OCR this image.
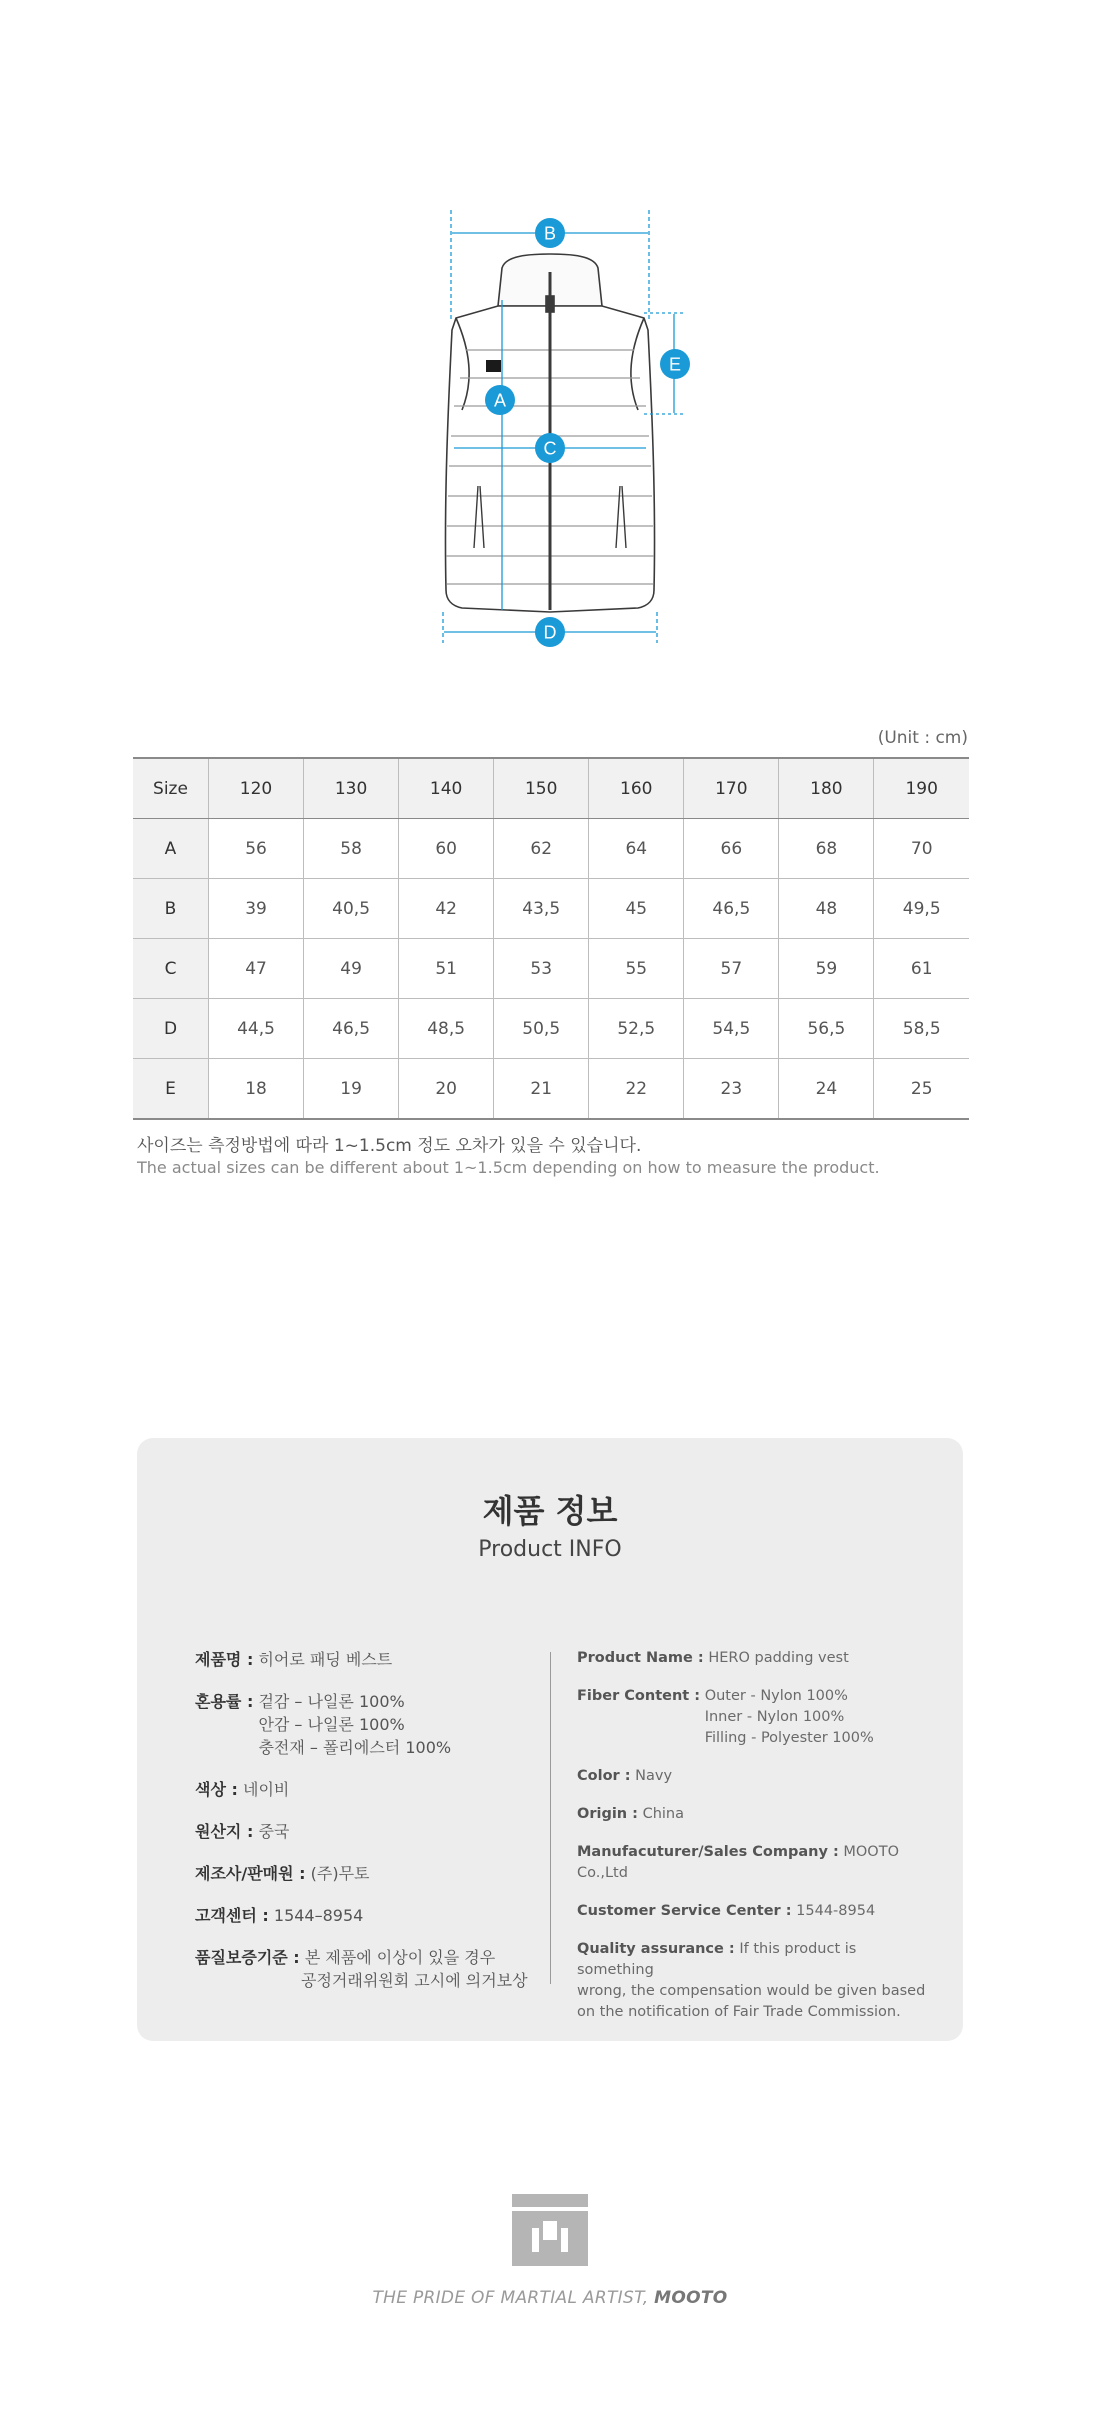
B
A
C
E
D
(Unit : cm)
Size	120	130	140	150	160	170	180	190
A	56	58	60	62	64	66	68	70
B	39	40,5	42	43,5	45	46,5	48	49,5
C	47	49	51	53	55	57	59	61
D	44,5	46,5	48,5	50,5	52,5	54,5	56,5	58,5
E	18	19	20	21	22	23	24	25
사이즈는 측정방법에 따라 1~1.5cm 정도 오차가 있을 수 있습니다.
The actual sizes can be different about 1~1.5cm depending on how to measure the product.
제품 정보
Product INFO
제품명 : 히어로 패딩 베스트
혼용률 :
겉감 – 나일론 100%
안감 – 나일론 100%
충전재 – 폴리에스터 100%
색상 : 네이비
원산지 : 중국
제조사/판매원 : (주)무토
고객센터 : 1544–8954
품질보증기준 : 본 제품에 이상이 있을 경우
공정거래위원회 고시에 의거보상
Product Name : HERO padding vest
Fiber Content :
Outer - Nylon 100%
Inner - Nylon 100%
Filling - Polyester 100%
Color : Navy
Origin : China
Manufacuturer/Sales Company : MOOTO Co.,Ltd
Customer Service Center : 1544-8954
Quality assurance : If this product is something
wrong, the compensation would be given based
on the notification of Fair Trade Commission.
THE PRIDE OF MARTIAL ARTIST, MOOTO
